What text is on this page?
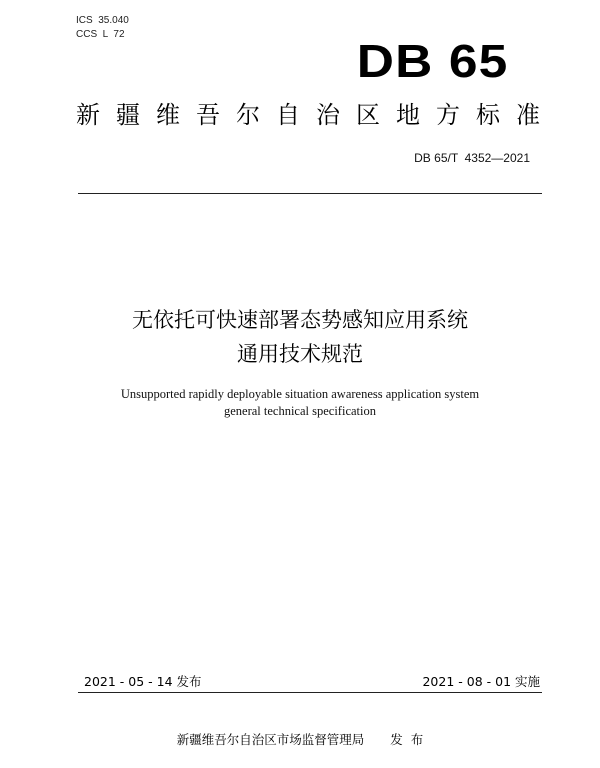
ICS  35.040
CCS  L  72
DB 65
新疆维吾尔自治区地方标准
DB 65/T  4352—2021
无依托可快速部署态势感知应用系统
通用技术规范
Unsupported rapidly deployable situation awareness application system
general technical specification
2021 - 05 - 14 发布	2021 - 08 - 01 实施
新疆维吾尔自治区市场监督管理局 发  布
